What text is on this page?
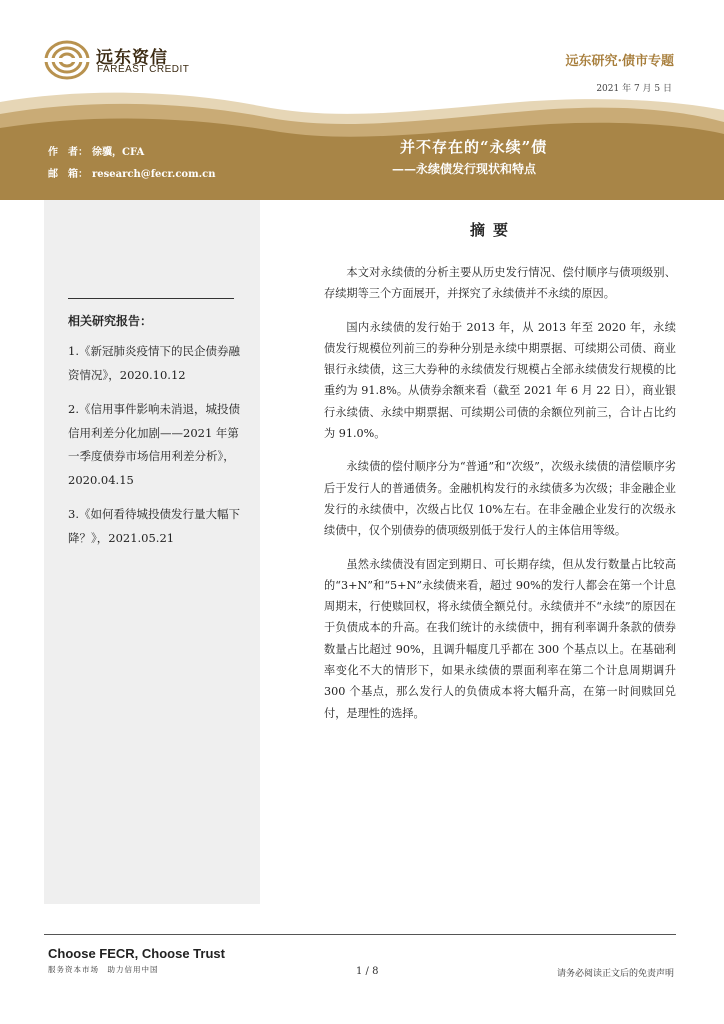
远东资信
FAREAST CREDIT
远东研究·债市专题
2021 年 7 月 5 日
作　者： 徐骥，CFA
邮　箱： research@fecr.com.cn
并不存在的“永续”债
——永续债发行现状和特点
相关研究报告：
1.《新冠肺炎疫情下的民企债券融资情况》，2020.10.12
2.《信用事件影响未消退，城投债信用利差分化加剧——2021 年第一季度债券市场信用利差分析》，2020.04.15
3.《如何看待城投债发行量大幅下降？》，2021.05.21
摘要

本文对永续债的分析主要从历史发行情况、偿付顺序与债项级别、存续期等三个方面展开，并探究了永续债并不永续的原因。

国内永续债的发行始于 2013 年，从 2013 年至 2020 年，永续债发行规模位列前三的券种分别是永续中期票据、可续期公司债、商业银行永续债，这三大券种的永续债发行规模占全部永续债发行规模的比重约为 91.8%。从债券余额来看（截至 2021 年 6 月 22 日），商业银行永续债、永续中期票据、可续期公司债的余额位列前三，合计占比约为 91.0%。

永续债的偿付顺序分为“普通”和“次级”，次级永续债的清偿顺序劣后于发行人的普通债务。金融机构发行的永续债多为次级；非金融企业发行的永续债中，次级占比仅 10%左右。在非金融企业发行的次级永续债中，仅个别债券的债项级别低于发行人的主体信用等级。

虽然永续债没有固定到期日、可长期存续，但从发行数量占比较高的“3+N”和“5+N”永续债来看，超过 90%的发行人都会在第一个计息周期末，行使赎回权，将永续债全额兑付。永续债并不“永续”的原因在于负债成本的升高。在我们统计的永续债中，拥有利率调升条款的债券数量占比超过 90%，且调升幅度几乎都在 300 个基点以上。在基础利率变化不大的情形下，如果永续债的票面利率在第二个计息周期调升 300 个基点，那么发行人的负债成本将大幅升高，在第一时间赎回兑付，是理性的选择。

Choose FECR, Choose Trust
服务资本市场　助力信用中国	1 / 8	请务必阅读正文后的免责声明
